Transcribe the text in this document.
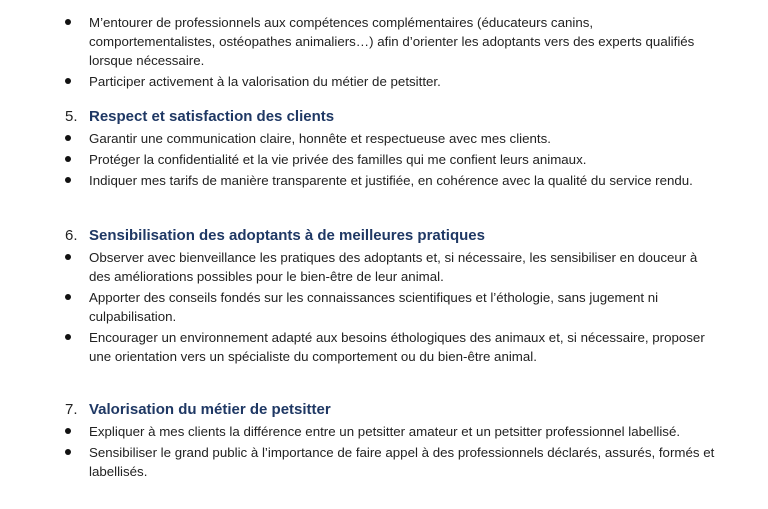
M’entourer de professionnels aux compétences complémentaires (éducateurs canins, comportementalistes, ostéopathes animaliers…) afin d’orienter les adoptants vers des experts qualifiés lorsque nécessaire.
Participer activement à la valorisation du métier de petsitter.
5. Respect et satisfaction des clients
Garantir une communication claire, honnête et respectueuse avec mes clients.
Protéger la confidentialité et la vie privée des familles qui me confient leurs animaux.
Indiquer mes tarifs de manière transparente et justifiée, en cohérence avec la qualité du service rendu.
6. Sensibilisation des adoptants à de meilleures pratiques
Observer avec bienveillance les pratiques des adoptants et, si nécessaire, les sensibiliser en douceur à des améliorations possibles pour le bien-être de leur animal.
Apporter des conseils fondés sur les connaissances scientifiques et l’éthologie, sans jugement ni culpabilisation.
Encourager un environnement adapté aux besoins éthologiques des animaux et, si nécessaire, proposer une orientation vers un spécialiste du comportement ou du bien-être animal.
7. Valorisation du métier de petsitter
Expliquer à mes clients la différence entre un petsitter amateur et un petsitter professionnel labellisé.
Sensibiliser le grand public à l’importance de faire appel à des professionnels déclarés, assurés, formés et labellisés.
